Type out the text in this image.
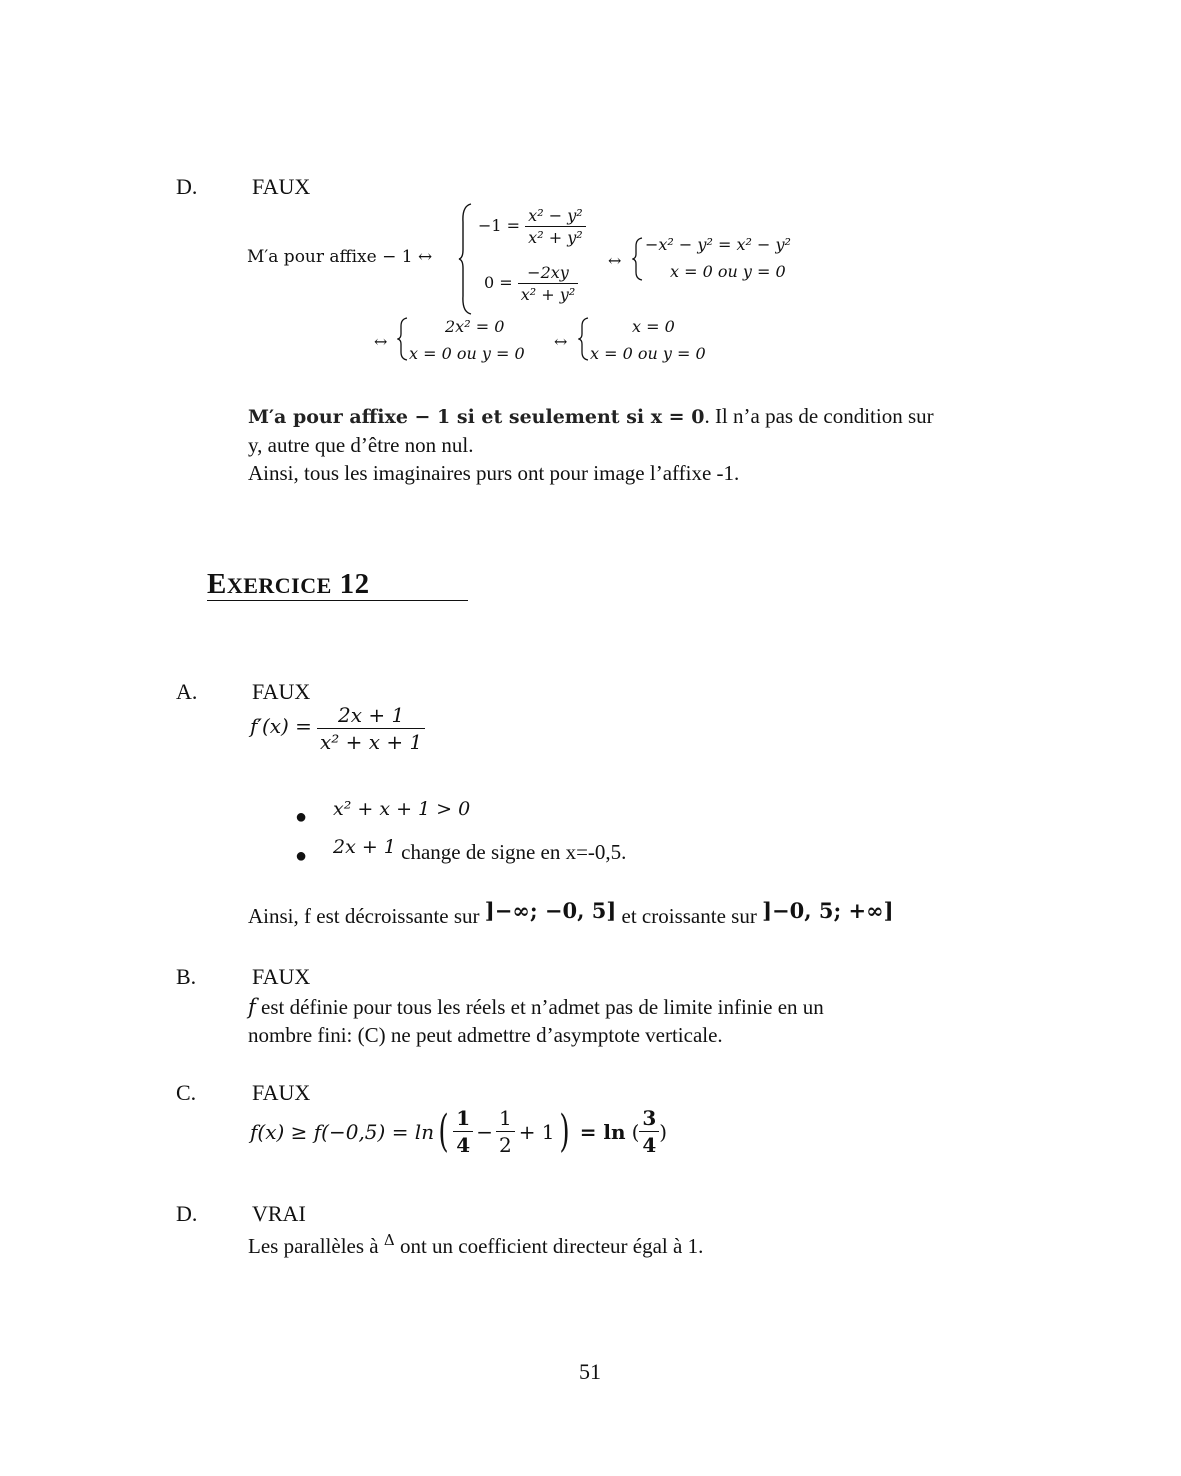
D. FAUX
M′a pour affixe − 1 ↔
$-1 = \frac{\text{x² − y²}}{\text{x² + y²}}$
$0 = \frac{-2xy}{\text{x² + y²}}$
↔
−x² − y² = x² − y²
x = 0 ou y = 0
↔
2x² = 0
x = 0 ou y = 0
↔
x = 0
x = 0 ou y = 0
M′a pour affixe − 1 si et seulement si x = 0. Il n’a pas de condition sur
y, autre que d’être non nul.
Ainsi, tous les imaginaires purs ont pour image l’affixe -1.
EXERCICE 12
A. FAUX
$f'(x) = \frac{2x + 1}{\text{x² + x + 1}}$
● x² + x + 1 > 0
● 2x + 1 change de signe en x=-0,5.
Ainsi, f est décroissante sur ]−∞; −0, 5] et croissante sur ]−0, 5; +∞]
B.	FAUX
f est définie pour tous les réels et n’admet pas de limite infinie en un
nombre fini: (C) ne peut admettre d’asymptote verticale.
C.	FAUX
f(x) ≥ f(−0,5) = ln ( $\frac{1}{4} - \frac{1}{2} + 1$ ) = ln ( $\frac{3}{4}$ )
D. VRAI
Les parallèles à $^\Delta$ ont un coefficient directeur égal à 1.
51
